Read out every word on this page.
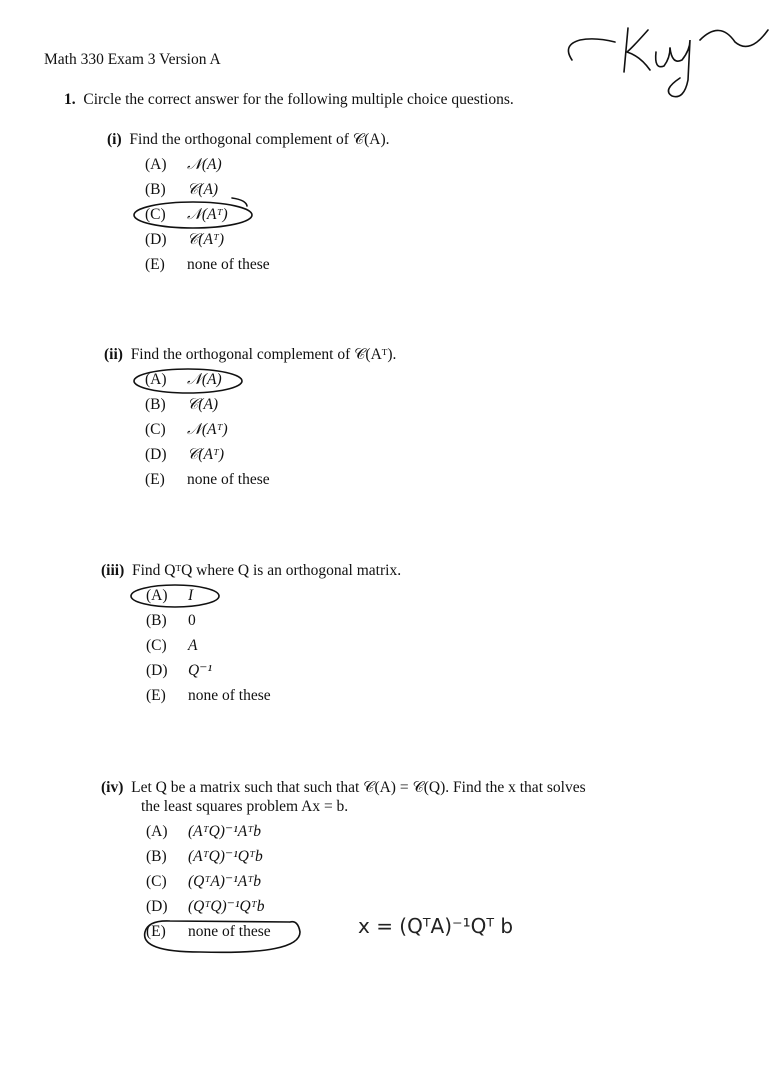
Math 330 Exam 3 Version A
1. Circle the correct answer for the following multiple choice questions.
(i) Find the orthogonal complement of 𝒞(A).
(A) 𝒩(A)
(B) 𝒞(A)
(C) 𝒩(Aᵀ)
(D) 𝒞(Aᵀ)
(E) none of these
(ii) Find the orthogonal complement of 𝒞(Aᵀ).
(A) 𝒩(A)
(B) 𝒞(A)
(C) 𝒩(Aᵀ)
(D) 𝒞(Aᵀ)
(E) none of these
(iii) Find QᵀQ where Q is an orthogonal matrix.
(A) I
(B) 0
(C) A
(D) Q⁻¹
(E) none of these
(iv) Let Q be a matrix such that such that 𝒞(A) = 𝒞(Q). Find the x that solves
the least squares problem Ax = b.
(A) (AᵀQ)⁻¹Aᵀb
(B) (AᵀQ)⁻¹Qᵀb
(C) (QᵀA)⁻¹Aᵀb
(D) (QᵀQ)⁻¹Qᵀb
(E) none of these	x = (QᵀA)⁻¹Qᵀ b
